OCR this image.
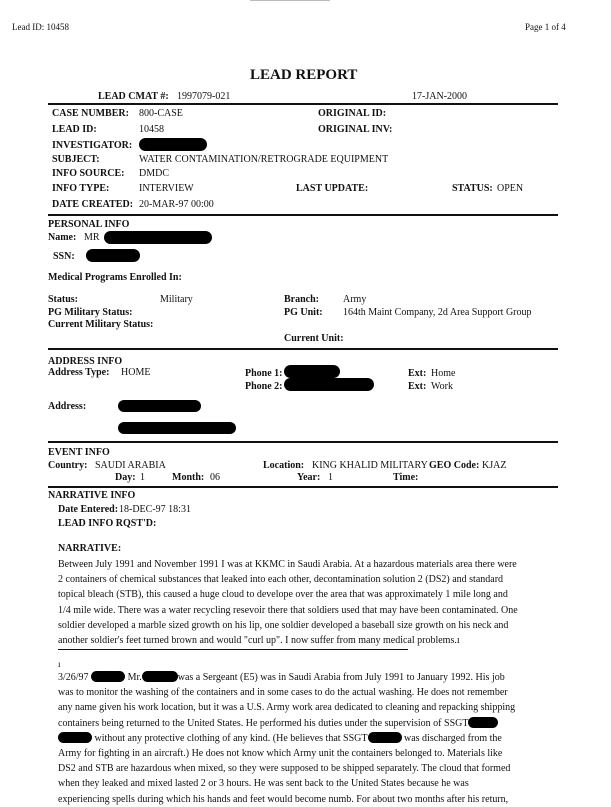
Lead ID: 10458	Page 1 of 4
LEAD REPORT
LEAD CMAT #: 1997079-021	17-JAN-2000
CASE NUMBER: 800-CASE	ORIGINAL ID:
LEAD ID:	10458	ORIGINAL INV:
INVESTIGATOR:
SUBJECT:	WATER CONTAMINATION/RETROGRADE EQUIPMENT
INFO SOURCE: DMDC
INFO TYPE:	INTERVIEW	LAST UPDATE:	STATUS: OPEN
DATE CREATED: 20-MAR-97 00:00
PERSONAL INFO
Name: MR
SSN:
Medical Programs Enrolled In:
Status:	Military	Branch: Army
PG Military Status:	PG Unit: 164th Maint Company, 2d Area Support Group
Current Military Status:
Current Unit:
ADDRESS INFO
Address Type: HOME	Phone 1:	Ext: Home
Phone 2:	Ext: Work
Address:
EVENT INFO
Country: SAUDI ARABIA	Location: KING KHALID MILITARY GEO Code: KJAZ
Day: 1	Month: 06	Year: 1	Time:
NARRATIVE INFO
Date Entered: 18-DEC-97 18:31
LEAD INFO RQST'D:
NARRATIVE:
Between July 1991 and November 1991 I was at KKMC in Saudi Arabia. At a hazardous materials area there were
2 containers of chemical substances that leaked into each other, decontamination solution 2 (DS2) and standard
topical bleach (STB), this caused a huge cloud to develope over the area that was approximately 1 mile long and
1/4 mile wide. There was a water recycling resevoir there that soldiers used that may have been contaminated. One
soldier developed a marble sized growth on his lip, one soldier developed a baseball size growth on his neck and
another soldier's feet turned brown and would "curl up". I now suffer from many medical problems.ı
ı
3/26/97	Mr.	was a Sergeant (E5) was in Saudi Arabia from July 1991 to January 1992. His job
was to monitor the washing of the containers and in some cases to do the actual washing. He does not remember
any name given his work location, but it was a U.S. Army work area dedicated to cleaning and repacking shipping
containers being returned to the United States. He performed his duties under the supervision of SSGT
without any protective clothing of any kind. (He believes that SSGT	was discharged from the
Army for fighting in an aircraft.) He does not know which Army unit the containers belonged to. Materials like
DS2 and STB are hazardous when mixed, so they were supposed to be shipped separately. The cloud that formed
when they leaked and mixed lasted 2 or 3 hours. He was sent back to the United States because he was
experiencing spells during which his hands and feet would become numb. For about two months after his return,
